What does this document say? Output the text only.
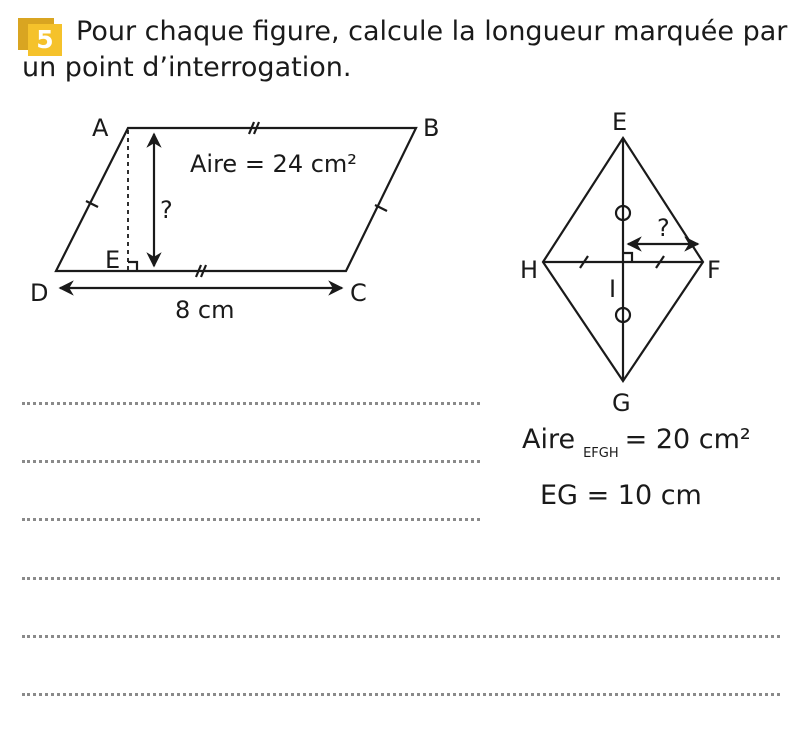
5 Pour chaque figure, calcule la longueur marquée par un point d’interrogation.
A	B
C
D
E
Aire = 24 cm²
?
8 cm
E
F
G
H
I
?
Aire $_{EFGH}$ = 20 cm²
EG = 10 cm
